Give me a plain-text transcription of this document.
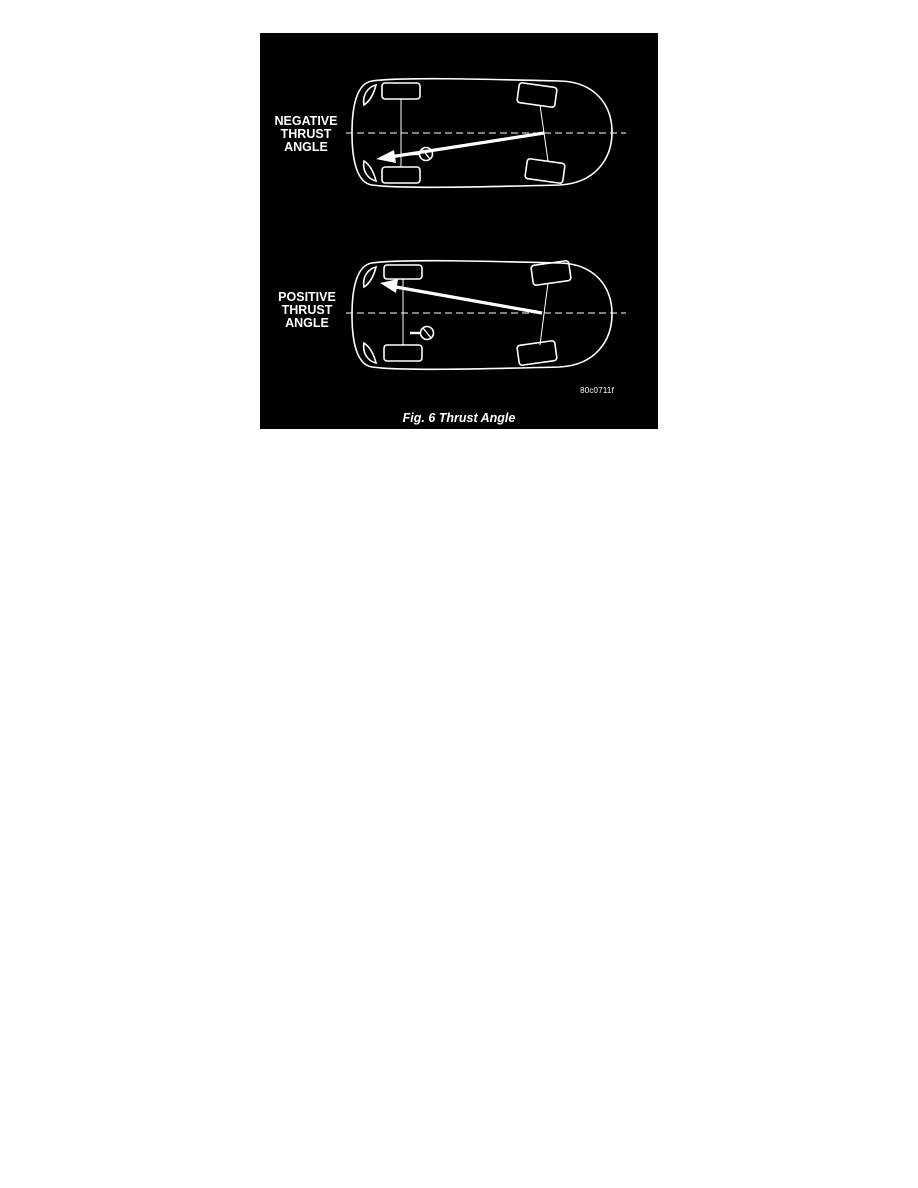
NEGATIVE
THRUST
ANGLE
POSITIVE
THRUST
ANGLE
80c0711f
Fig. 6 Thrust Angle
